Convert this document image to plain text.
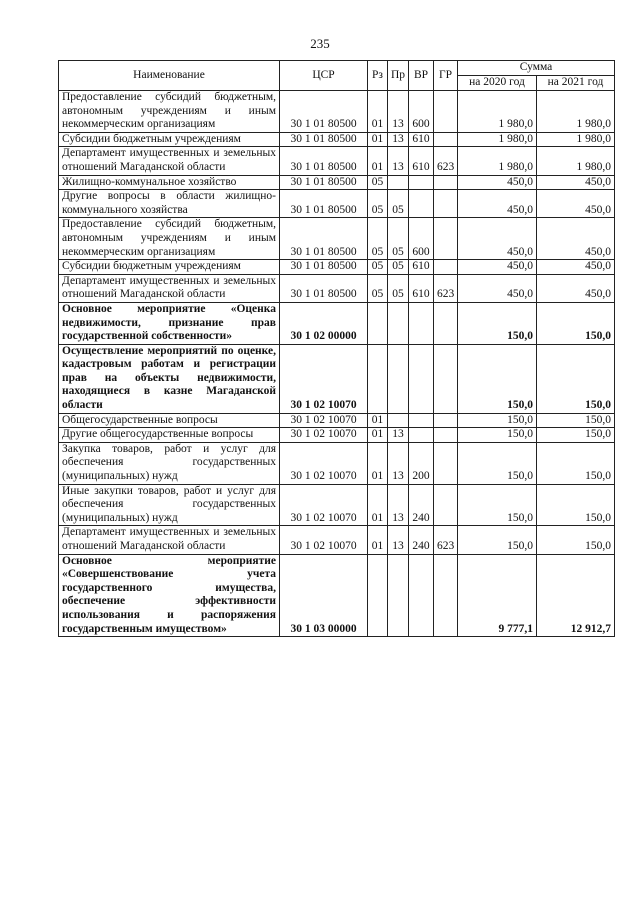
235
Наименование	ЦСР	Рз	Пр	ВР	ГР	Сумма	
						на 2020 год	на 2021 год
Предоставление субсидий бюджетным, автономным учреждениям и иным некоммерческим организациям	30 1 01 80500	01	13	600		1 980,0	1 980,0
Субсидии бюджетным учреждениям	30 1 01 80500	01	13	610		1 980,0	1 980,0
Департамент имущественных и земельных отношений Магаданской области	30 1 01 80500	01	13	610	623	1 980,0	1 980,0
Жилищно-коммунальное хозяйство	30 1 01 80500	05				450,0	450,0
Другие вопросы в области жилищно-коммунального хозяйства	30 1 01 80500	05	05			450,0	450,0
Предоставление субсидий бюджетным, автономным учреждениям и иным некоммерческим организациям	30 1 01 80500	05	05	600		450,0	450,0
Субсидии бюджетным учреждениям	30 1 01 80500	05	05	610		450,0	450,0
Департамент имущественных и земельных отношений Магаданской области	30 1 01 80500	05	05	610	623	450,0	450,0
Основное мероприятие «Оценка недвижимости, признание прав государственной собственности»	30 1 02 00000					150,0	150,0
Осуществление мероприятий по оценке, кадастровым работам и регистрации прав на объекты недвижимости, находящиеся в казне Магаданской области	30 1 02 10070					150,0	150,0
Общегосударственные вопросы	30 1 02 10070	01				150,0	150,0
Другие общегосударственные вопросы	30 1 02 10070	01	13			150,0	150,0
Закупка товаров, работ и услуг для обеспечения государственных (муниципальных) нужд	30 1 02 10070	01	13	200		150,0	150,0
Иные закупки товаров, работ и услуг для обеспечения государственных (муниципальных) нужд	30 1 02 10070	01	13	240		150,0	150,0
Департамент имущественных и земельных отношений Магаданской области	30 1 02 10070	01	13	240	623	150,0	150,0
Основное мероприятие «Совершенствование учета государственного имущества, обеспечение эффективности использования и распоряжения государственным имуществом»	30 1 03 00000					9 777,1	12 912,7
